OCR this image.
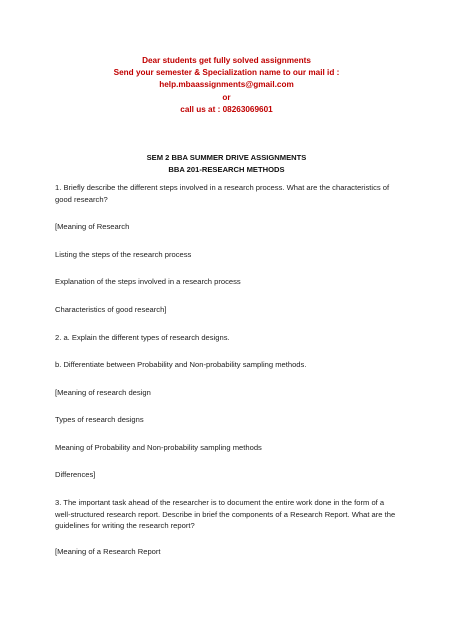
Dear students get fully solved assignments
Send your semester & Specialization name to our mail id :
help.mbaassignments@gmail.com
or
call us at : 08263069601
SEM 2 BBA SUMMER DRIVE ASSIGNMENTS
BBA 201-RESEARCH METHODS
1. Briefly describe the different steps involved in a research process. What are the characteristics of good research?
[Meaning of Research
Listing the steps of the research process
Explanation of the steps involved in a research process
Characteristics of good research]
2. a. Explain the different types of research designs.
b. Differentiate between Probability and Non-probability sampling methods.
[Meaning of research design
Types of research designs
Meaning of Probability and Non-probability sampling methods
Differences]
3. The important task ahead of the researcher is to document the entire work done in the form of a well-structured research report. Describe in brief the components of a Research Report. What are the guidelines for writing the research report?
[Meaning of a Research Report
